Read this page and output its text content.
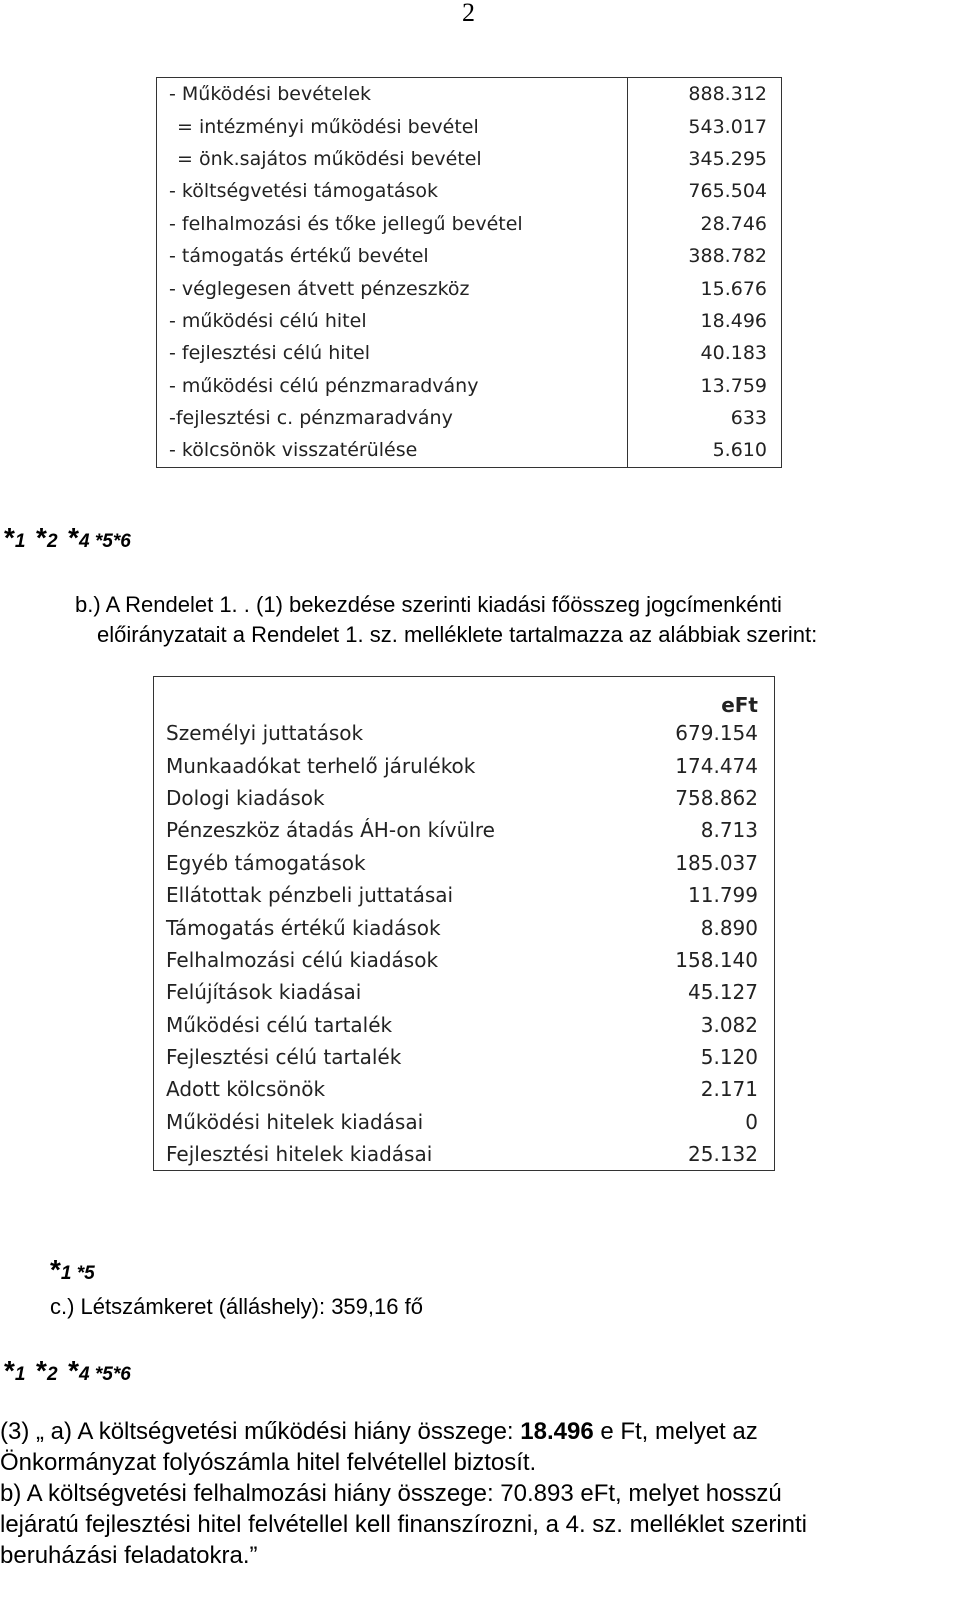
2
- Működési bevételek	888.312
= intézményi működési bevétel	543.017
= önk.sajátos működési bevétel	345.295
- költségvetési támogatások	765.504
- felhalmozási és tőke jellegű bevétel	28.746
- támogatás értékű bevétel	388.782
- véglegesen átvett pénzeszköz	15.676
- működési célú hitel	18.496
- fejlesztési célú hitel	40.183
- működési célú pénzmaradvány	13.759
-fejlesztési c. pénzmaradvány	633
- kölcsönök visszatérülése	5.610
*1 *2 *4 *5*6
b.) A Rendelet 1. . (1) bekezdése szerinti kiadási főösszeg jogcímenkénti
előirányzatait a Rendelet 1. sz. melléklete tartalmazza az alábbiak szerint:
	eFt
Személyi juttatások	679.154
Munkaadókat terhelő járulékok	174.474
Dologi kiadások	758.862
Pénzeszköz átadás ÁH-on kívülre	8.713
Egyéb támogatások	185.037
Ellátottak pénzbeli juttatásai	11.799
Támogatás értékű kiadások	8.890
Felhalmozási célú kiadások	158.140
Felújítások kiadásai	45.127
Működési célú tartalék	3.082
Fejlesztési célú tartalék	5.120
Adott kölcsönök	2.171
Működési hitelek kiadásai	0
Fejlesztési hitelek kiadásai	25.132
*1 *5
c.) Létszámkeret (álláshely): 359,16 fő
*1 *2 *4 *5*6
(3) „ a) A költségvetési működési hiány összege: 18.496 e Ft, melyet az
Önkormányzat folyószámla hitel felvétellel biztosít.
b) A költségvetési felhalmozási hiány összege: 70.893 eFt, melyet hosszú
lejáratú fejlesztési hitel felvétellel kell finanszírozni, a 4. sz. melléklet szerinti
beruházási feladatokra.”
